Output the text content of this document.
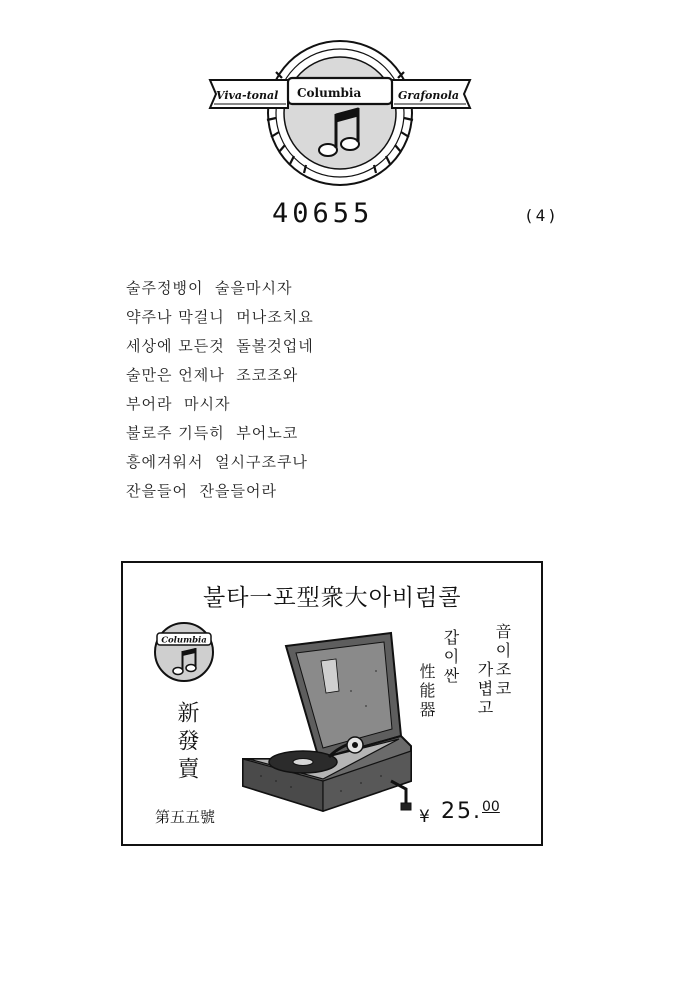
Viva-tonal Columbia	Grafonola
40655	(4)
술주정뱅이  술을마시자
약주나 막걸니  머나조치요
세상에 모든것  돌볼것업네
술만은 언제나  조코조와
부어라  마시자
불로주 기득히  부어노코
흥에겨워서  얼시구조쿠나
잔을들어  잔을들어라
불타一포型衆大아비럼콜
Columbia
新發賣
第五五號
音이조코
가볍고
갑이싼
性能器
¥ 25.00
